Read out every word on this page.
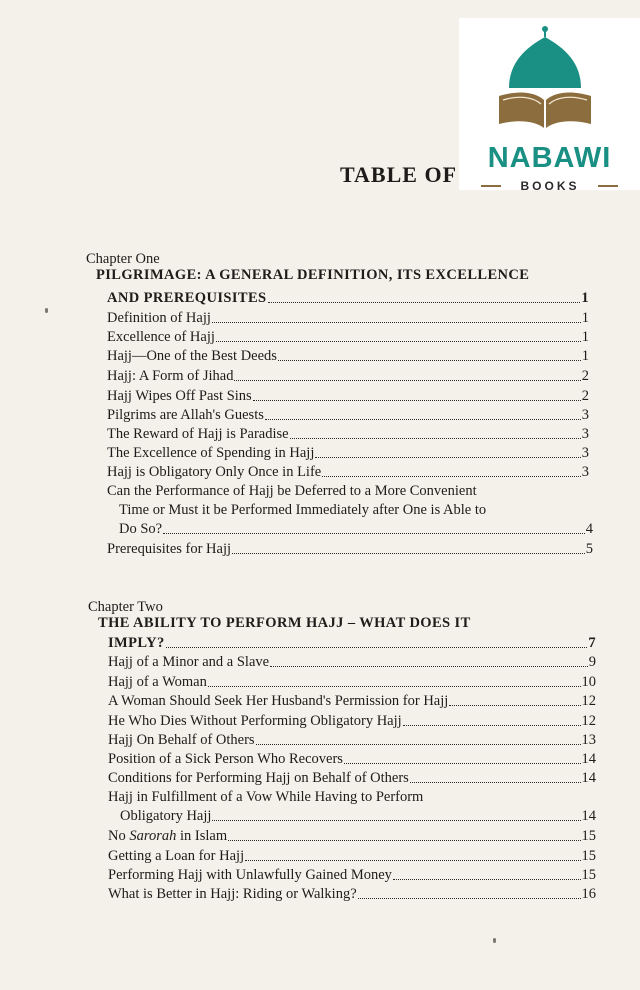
NABAWI
BOOKS
TABLE OF
Chapter One
PILGRIMAGE: A GENERAL DEFINITION, ITS EXCELLENCE
AND PREREQUISITES	1
Definition of Hajj	1
Excellence of Hajj	1
Hajj—One of the Best Deeds	1
Hajj: A Form of Jihad	2
Hajj Wipes Off Past Sins	2
Pilgrims are Allah's Guests	3
The Reward of Hajj is Paradise	3
The Excellence of Spending in Hajj	3
Hajj is Obligatory Only Once in Life	3
Can the Performance of Hajj be Deferred to a More Convenient
Time or Must it be Performed Immediately after One is Able to
Do So?	4
Prerequisites for Hajj	5
Chapter Two
THE ABILITY TO PERFORM HAJJ – WHAT DOES IT
IMPLY?	7
Hajj of a Minor and a Slave	9
Hajj of a Woman	10
A Woman Should Seek Her Husband's Permission for Hajj	12
He Who Dies Without Performing Obligatory Hajj	12
Hajj On Behalf of Others	13
Position of a Sick Person Who Recovers	14
Conditions for Performing Hajj on Behalf of Others	14
Hajj in Fulfillment of a Vow While Having to Perform
Obligatory Hajj	14
No Sarorah in Islam	15
Getting a Loan for Hajj	15
Performing Hajj with Unlawfully Gained Money	15
What is Better in Hajj: Riding or Walking?	16
